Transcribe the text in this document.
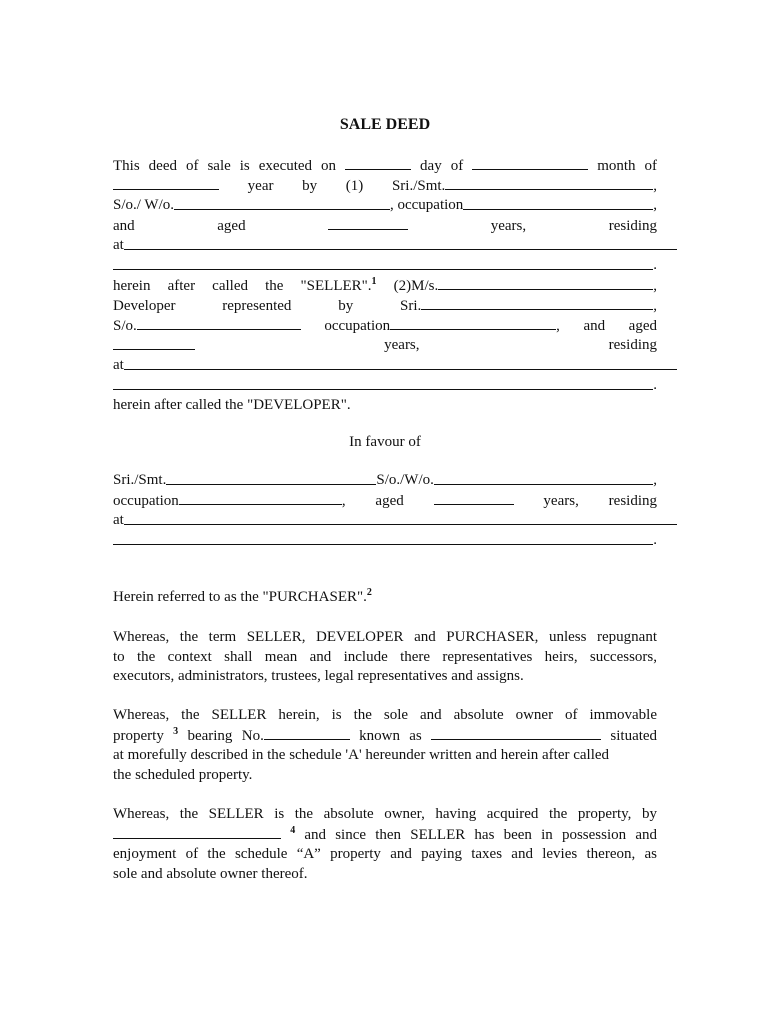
SALE DEED
This deed of sale is executed on	day of	month of
year by (1) Sri./Smt.	,
S/o./ W/o.	, occupation	,
and	aged	years,	residing
at
.
herein after called the "SELLER".$^1$ (2)M/s.	,
Developer	represented	by	Sri.	,
S/o.	occupation	, and aged
years,	residing
at
.
herein after called the "DEVELOPER".
In favour of
Sri./Smt.	S/o./W/o.	,
occupation	, aged	years, residing
at
.
Herein referred to as the "PURCHASER".$^2$
Whereas, the term SELLER, DEVELOPER and PURCHASER, unless repugnant
to the context shall mean and include there representatives heirs, successors,
executors, administrators, trustees, legal representatives and assigns.
Whereas, the SELLER herein, is the sole and absolute owner of immovable
property $^3$ bearing No.	known as	situated
at morefully described in the schedule 'A' hereunder written and herein after called
the scheduled property.
Whereas, the SELLER is the absolute owner, having acquired the property, by
$^4$ and since then SELLER has been in possession and
enjoyment of the schedule “A” property and paying taxes and levies thereon, as
sole and absolute owner thereof.
